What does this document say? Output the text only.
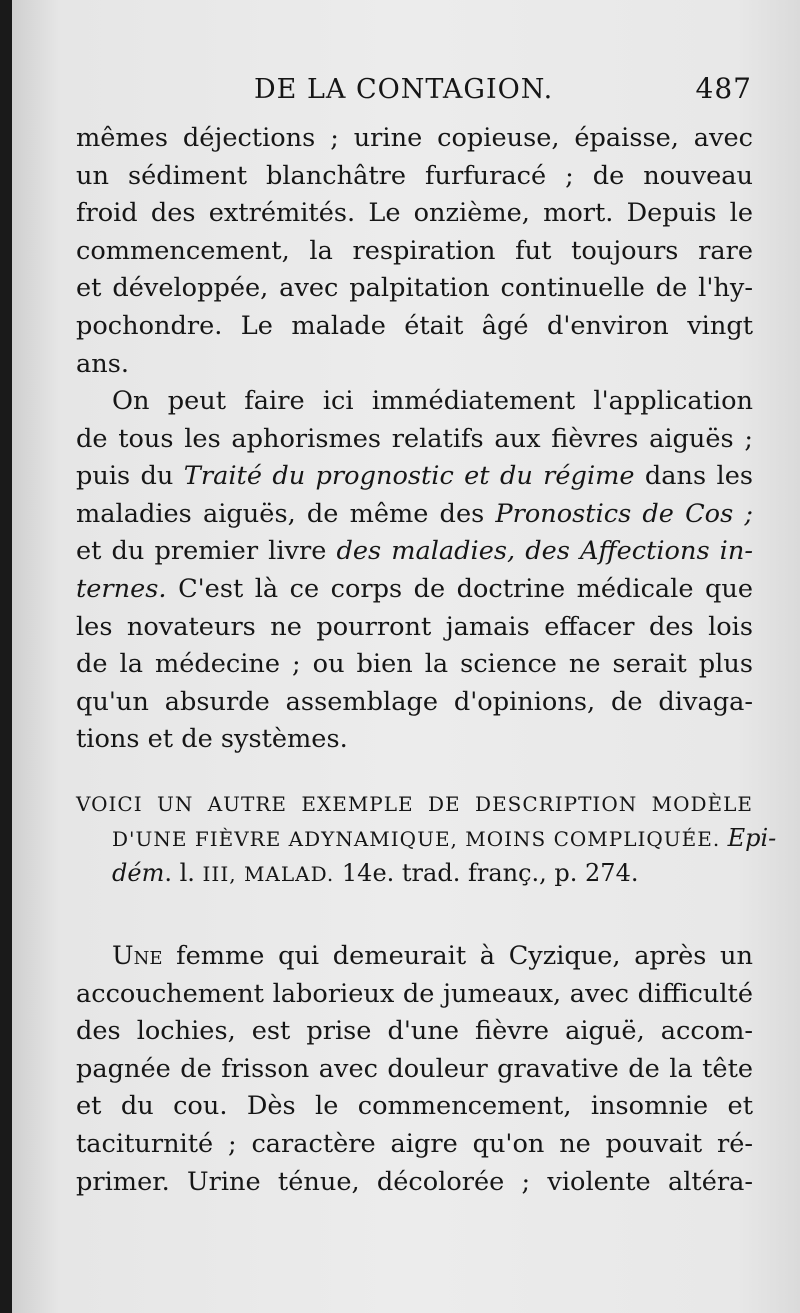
DE LA CONTAGION.	487
mêmes déjections ; urine copieuse, épaisse, avec
un sédiment blanchâtre furfuracé ; de nouveau
froid des extrémités. Le onzième, mort. Depuis le
commencement, la respiration fut toujours rare
et développée, avec palpitation continuelle de l'hy-
pochondre. Le malade était âgé d'environ vingt
ans.
On peut faire ici immédiatement l'application
de tous les aphorismes relatifs aux fièvres aiguës ;
puis du Traité du prognostic et du régime dans les
maladies aiguës, de même des Pronostics de Cos ;
et du premier livre des maladies, des Affections in-
ternes. C'est là ce corps de doctrine médicale que
les novateurs ne pourront jamais effacer des lois
de la médecine ; ou bien la science ne serait plus
qu'un absurde assemblage d'opinions, de divaga-
tions et de systèmes.
VOICI UN AUTRE EXEMPLE DE DESCRIPTION MODÈLE
D'UNE FIÈVRE ADYNAMIQUE, MOINS COMPLIQUÉE. Epi-
dém. l. III, MALAD. 14e. trad. franç., p. 274.
Une femme qui demeurait à Cyzique, après un
accouchement laborieux de jumeaux, avec difficulté
des lochies, est prise d'une fièvre aiguë, accom-
pagnée de frisson avec douleur gravative de la tête
et du cou. Dès le commencement, insomnie et
taciturnité ; caractère aigre qu'on ne pouvait ré-
primer. Urine ténue, décolorée ; violente altéra-
